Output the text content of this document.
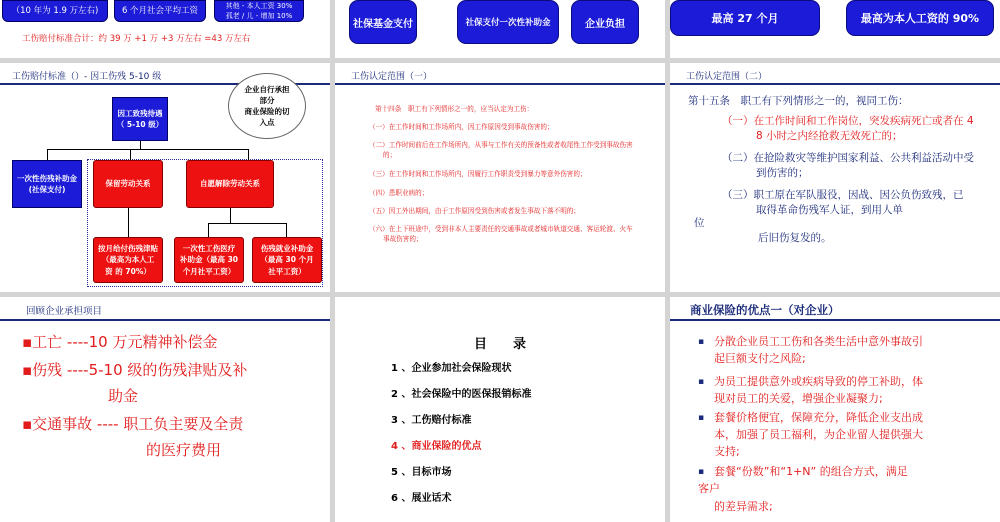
（10 年为 1.9 万左右)	6 个月社会平均工资
其他 - 本人工资 30%
孤老 / 儿 - 增加 10%
工伤赔付标准合计：约 39 万 +1 万 +3 万左右 =43 万左右
社保基金支付	社保支付一次性补助金	企业负担	最高 27 个月	最高为本人工资的 90%
工伤赔付标准（）- 因工伤残 5-10 级
企业自行承担
部分
商业保险的切
入点
因工致残待遇
（ 5-10 级）
一次性伤残补助金
(社保支付)
保留劳动关系	自愿解除劳动关系
按月给付伤残津贴
（最高为本人工
资 的 70%）
一次性工伤医疗
补助金（最高 30
个月社平工资）
伤残就业补助金
（最高 30 个月
社平工资）
工伤认定范围（一）
第十四条　职工有下列情形之一的，应当认定为工伤：
（一）在工作时间和工作场所内，因工作原因受到事故伤害的；
（二）工作时间前后在工作场所内，从事与工作有关的预备性或者收尾性工作受到事故伤害的；
（三）在工作时间和工作场所内，因履行工作职责受到暴力等意外伤害的；
（四）患职业病的；
（五）因工外出期间，由于工作原因受到伤害或者发生事故下落不明的；
（六）在上下班途中，受到非本人主要责任的交通事故或者城市轨道交通、客运轮渡、火车事故伤害的；
工伤认定范围（二）
第十五条　职工有下列情形之一的，视同工伤：
（一）在工作时间和工作岗位，突发疾病死亡或者在 4 8 小时之内经抢救无效死亡的；
（二）在抢险救灾等维护国家利益、公共利益活动中受到伤害的；
（三）职工原在军队服役，因战、因公负伤致残，已取得革命伤残军人证，到用人单
位
后旧伤复发的。
回顾企业承担项目
▪工亡 ----10 万元精神补偿金
▪伤残 ----5-10 级的伤残津贴及补
助金
▪交通事故 ---- 职工负主要及全责
的医疗费用
目　　录
1 、企业参加社会保险现状
2 、社会保险中的医保报销标准
3 、工伤赔付标准
4 、商业保险的优点
5 、目标市场
6 、展业话术
商业保险的优点一（对企业）
▪ 分散企业员工工伤和各类生活中意外事故引
起巨额支付之风险;
▪ 为员工提供意外或疾病导致的停工补助，体
现对员工的关爱，增强企业凝聚力;
▪ 套餐价格便宜，保障充分，降低企业支出成
本，加强了员工福利，为企业留人提供强大
支持;
▪ 套餐“份数”和“1+N” 的组合方式，满足
客户
的差异需求;
